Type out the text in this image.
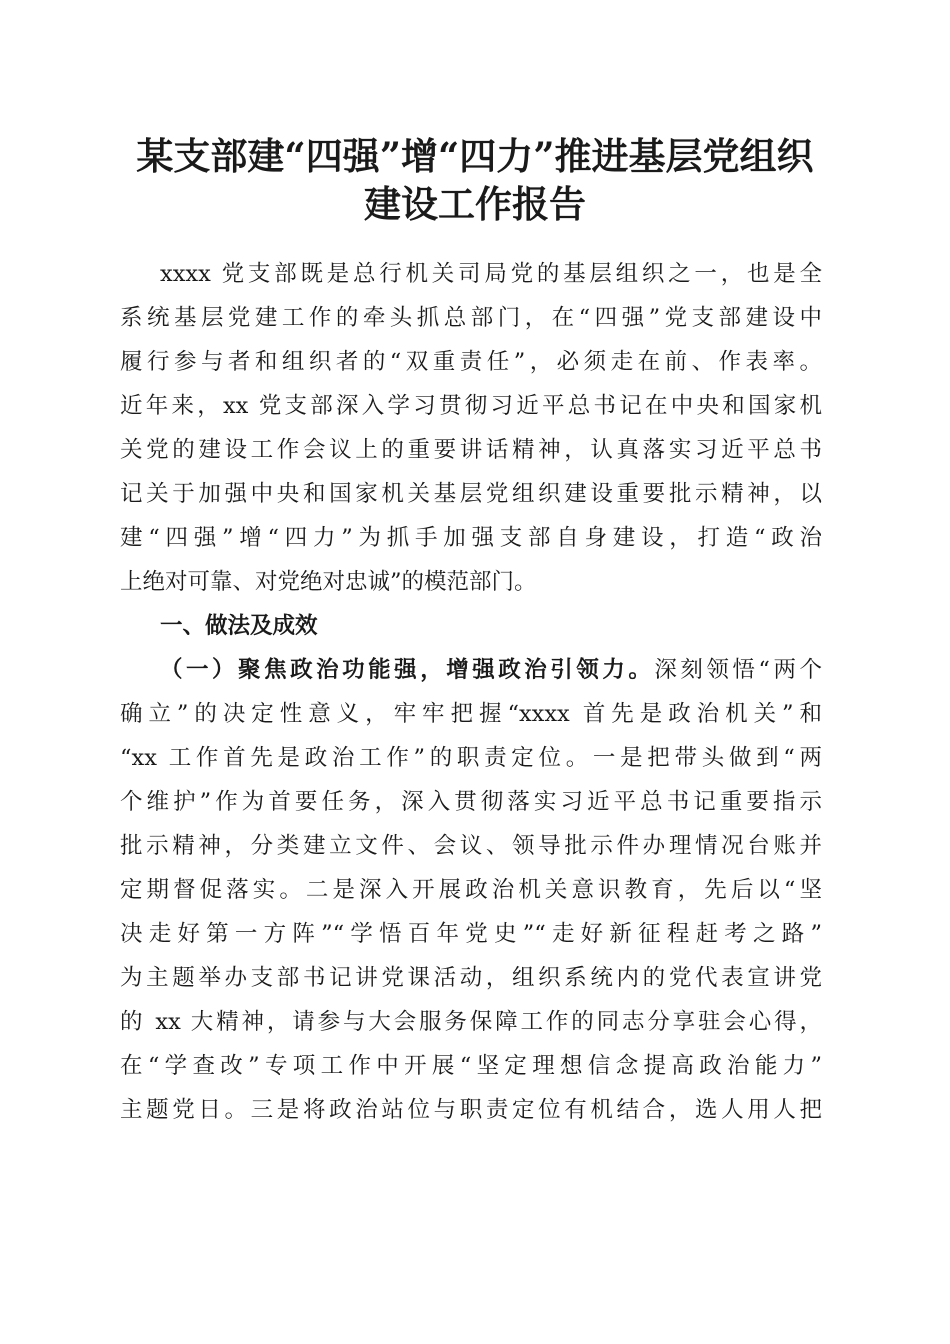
某支部建“四强”增“四力”推进基层党组织
建设工作报告
xxxx 党支部既是总行机关司局党的基层组织之一，也是全
系统基层党建工作的牵头抓总部门，在“四强”党支部建设中
履行参与者和组织者的“双重责任”，必须走在前、作表率。
近年来，xx 党支部深入学习贯彻习近平总书记在中央和国家机
关党的建设工作会议上的重要讲话精神，认真落实习近平总书
记关于加强中央和国家机关基层党组织建设重要批示精神，以
建“四强”增“四力”为抓手加强支部自身建设，打造“政治
上绝对可靠、对党绝对忠诚”的模范部门。
一、做法及成效
（一）聚焦政治功能强，增强政治引领力。深刻领悟“两个
确立”的决定性意义，牢牢把握“xxxx 首先是政治机关”和
“xx 工作首先是政治工作”的职责定位。一是把带头做到“两
个维护”作为首要任务，深入贯彻落实习近平总书记重要指示
批示精神，分类建立文件、会议、领导批示件办理情况台账并
定期督促落实。二是深入开展政治机关意识教育，先后以“坚
决走好第一方阵”“学悟百年党史”“走好新征程赶考之路”
为主题举办支部书记讲党课活动，组织系统内的党代表宣讲党
的 xx 大精神，请参与大会服务保障工作的同志分享驻会心得，
在“学查改”专项工作中开展“坚定理想信念提高政治能力”
主题党日。三是将政治站位与职责定位有机结合，选人用人把
